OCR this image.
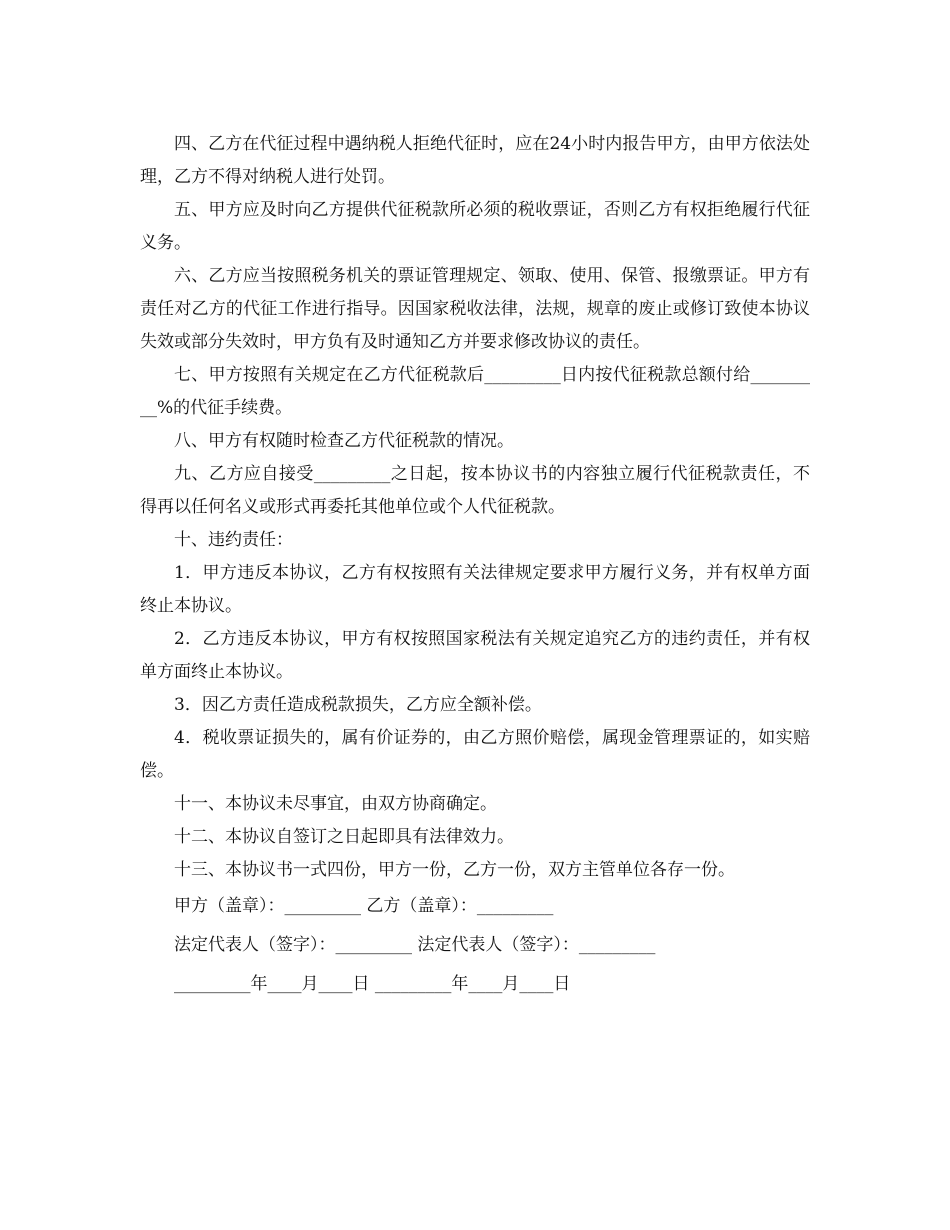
四、乙方在代征过程中遇纳税人拒绝代征时，应在24小时内报告甲方，由甲方依法处理，乙方不得对纳税人进行处罚。

五、甲方应及时向乙方提供代征税款所必须的税收票证，否则乙方有权拒绝履行代征义务。

六、乙方应当按照税务机关的票证管理规定、领取、使用、保管、报缴票证。甲方有责任对乙方的代征工作进行指导。因国家税收法律，法规，规章的废止或修订致使本协议失效或部分失效时，甲方负有及时通知乙方并要求修改协议的责任。

七、甲方按照有关规定在乙方代征税款后_________日内按代征税款总额付给_________%的代征手续费。

八、甲方有权随时检查乙方代征税款的情况。

九、乙方应自接受_________之日起，按本协议书的内容独立履行代征税款责任，不得再以任何名义或形式再委托其他单位或个人代征税款。

十、违约责任：

1．甲方违反本协议，乙方有权按照有关法律规定要求甲方履行义务，并有权单方面终止本协议。

2．乙方违反本协议，甲方有权按照国家税法有关规定追究乙方的违约责任，并有权单方面终止本协议。

3．因乙方责任造成税款损失，乙方应全额补偿。

4．税收票证损失的，属有价证券的，由乙方照价赔偿，属现金管理票证的，如实赔偿。

十一、本协议未尽事宜，由双方协商确定。

十二、本协议自签订之日起即具有法律效力。

十三、本协议书一式四份，甲方一份，乙方一份，双方主管单位各存一份。

甲方（盖章）：_________ 乙方（盖章）：_________

法定代表人（签字）：_________ 法定代表人（签字）：_________

_________年____月____日 _________年____月____日
